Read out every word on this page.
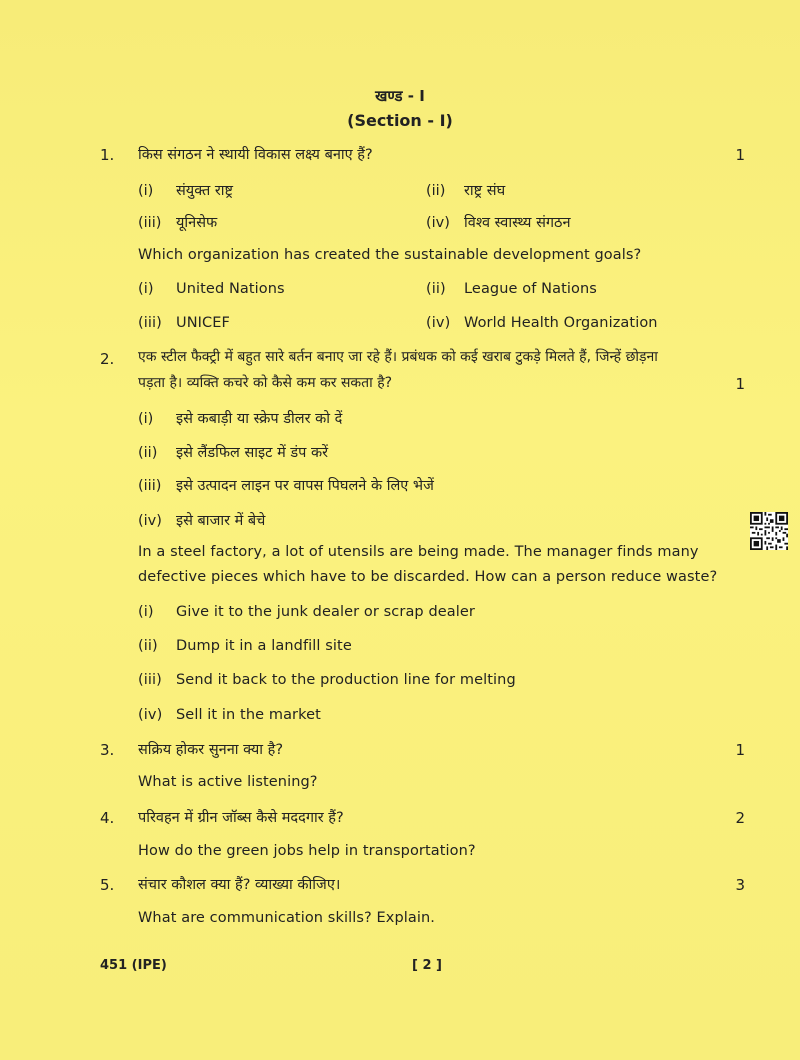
खण्ड - I
(Section - I)
1. किस संगठन ने स्थायी विकास लक्ष्य बनाए हैं?	1
(i) संयुक्त राष्ट्र	(ii) राष्ट्र संघ
(iii) यूनिसेफ	(iv) विश्व स्वास्थ्य संगठन
Which organization has created the sustainable development goals?
(i) United Nations	(ii) League of Nations
(iii) UNICEF	(iv) World Health Organization
2. एक स्टील फैक्ट्री में बहुत सारे बर्तन बनाए जा रहे हैं। प्रबंधक को कई खराब टुकड़े मिलते हैं, जिन्हें छोड़ना
पड़ता है। व्यक्ति कचरे को कैसे कम कर सकता है?	1
(i) इसे कबाड़ी या स्क्रेप डीलर को दें
(ii) इसे लैंडफिल साइट में डंप करें
(iii) इसे उत्पादन लाइन पर वापस पिघलने के लिए भेजें
(iv) इसे बाजार में बेचे
In a steel factory, a lot of utensils are being made. The manager finds many
defective pieces which have to be discarded. How can a person reduce waste?
(i) Give it to the junk dealer or scrap dealer
(ii) Dump it in a landfill site
(iii) Send it back to the production line for melting
(iv) Sell it in the market
3. सक्रिय होकर सुनना क्या है?	1
What is active listening?
4. परिवहन में ग्रीन जॉब्स कैसे मददगार हैं?	2
How do the green jobs help in transportation?
5. संचार कौशल क्या हैं? व्याख्या कीजिए।	3
What are communication skills? Explain.
451 (IPE)	[ 2 ]
